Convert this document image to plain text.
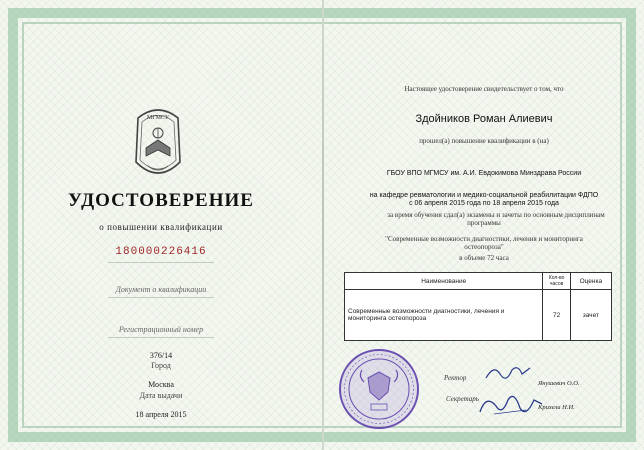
МГМСУ
УДОСТОВЕРЕНИЕ
о повышении квалификации
180000226416
Документ о квалификации
Регистрационный номер
376/14
Город
Москва
Дата выдачи
18 апреля 2015
Настоящее удостоверение свидетельствует о том, что
Здойников Роман Алиевич
прошел(а) повышение квалификации в (на)
ГБОУ ВПО МГМСУ им. А.И. Евдокимова Минздрава России
на кафедре ревматологии и медико-социальной реабилитации ФДПО
с 06 апреля 2015 года по 18 апреля 2015 года
за время обучения сдал(а) экзамены и зачеты по основным дисциплинам
программы
"Современные возможности диагностики, лечения и мониторинга
остеопороза"
в объеме 72 часа
Наименование	Кол-во часов	Оценка
Современные возможности диагностики, лечения и мониторинга остеопороза	72	зачет
Ректор
Янушевич О.О.
Секретарь
Крихели Н.И.
